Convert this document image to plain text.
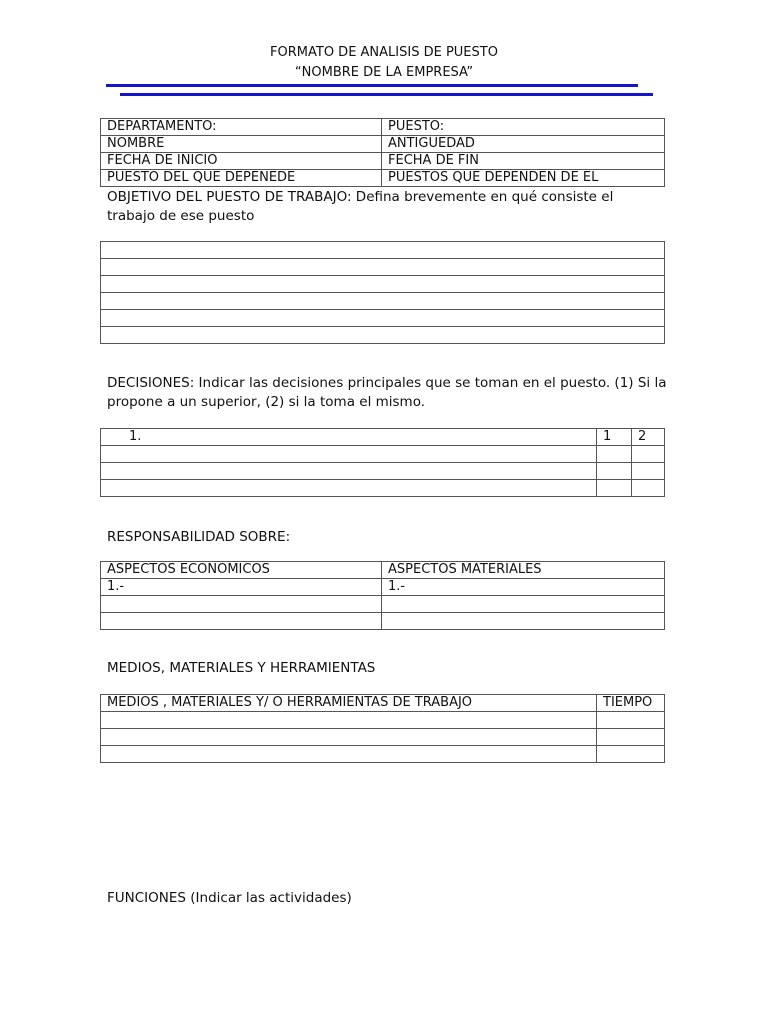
FORMATO DE ANALISIS DE PUESTO
“NOMBRE DE LA EMPRESA”
DEPARTAMENTO:	PUESTO:
NOMBRE	ANTIGÜEDAD
FECHA DE INICIO	FECHA DE FIN
PUESTO DEL QUE DEPENEDE	PUESTOS QUE DEPENDEN DE EL
OBJETIVO DEL PUESTO DE TRABAJO: Defina brevemente en qué consiste el trabajo de ese puesto

DECISIONES: Indicar las decisiones principales que se toman en el puesto. (1) Si la propone a un superior, (2) si la toma el mismo.
1.	1	2

RESPONSABILIDAD SOBRE:
ASPECTOS ECONOMICOS	ASPECTOS MATERIALES
1.-	1.-

MEDIOS, MATERIALES Y HERRAMIENTAS
MEDIOS , MATERIALES Y/ O HERRAMIENTAS DE TRABAJO	TIEMPO

FUNCIONES (Indicar las actividades)
